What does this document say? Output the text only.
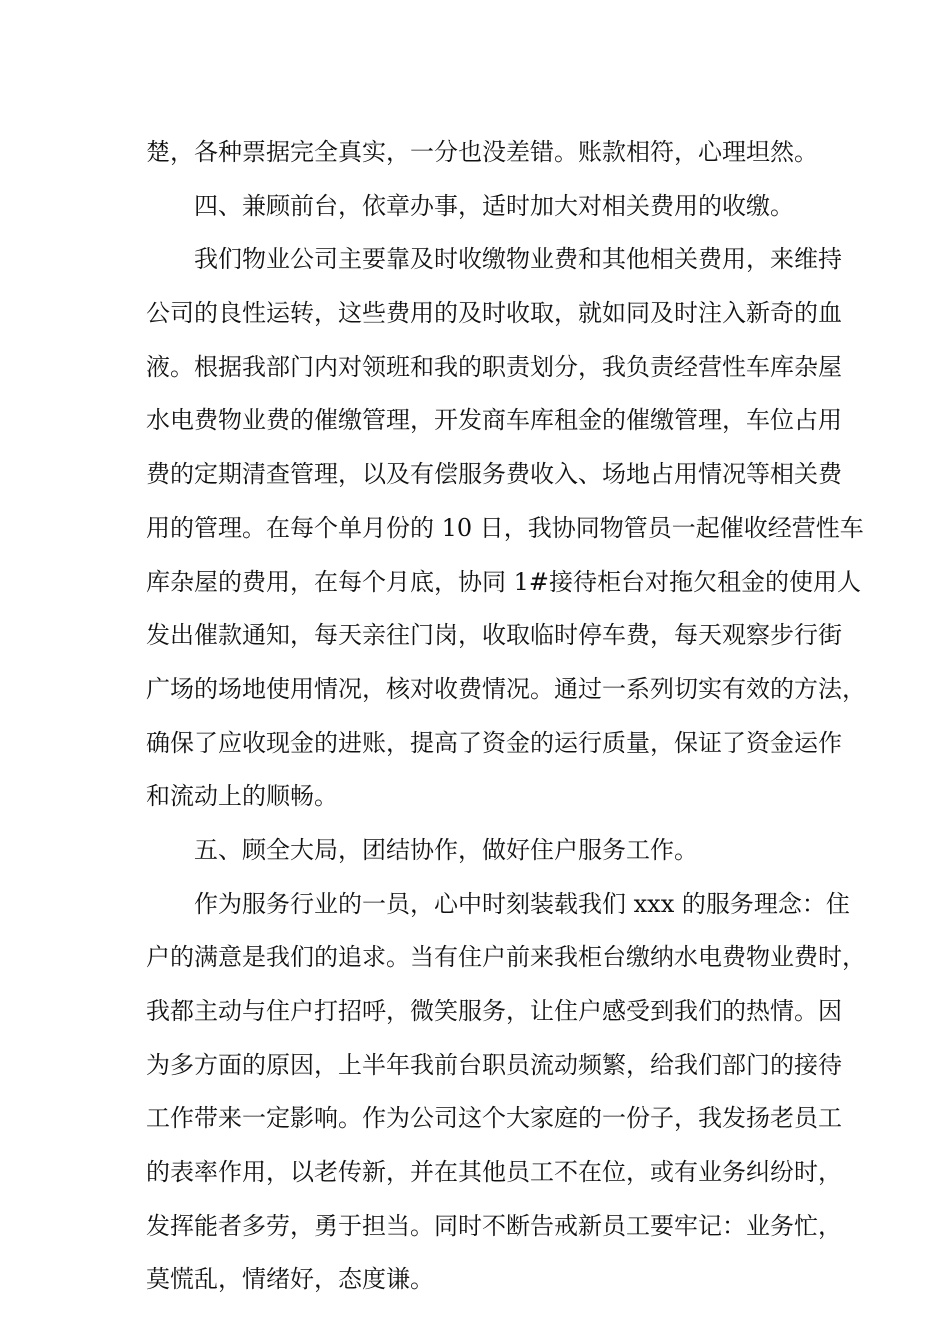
楚，各种票据完全真实，一分也没差错。账款相符，心理坦然。
四、兼顾前台，依章办事，适时加大对相关费用的收缴。
我们物业公司主要靠及时收缴物业费和其他相关费用，来维持
公司的良性运转，这些费用的及时收取，就如同及时注入新奇的血
液。根据我部门内对领班和我的职责划分，我负责经营性车库杂屋
水电费物业费的催缴管理，开发商车库租金的催缴管理，车位占用
费的定期清查管理，以及有偿服务费收入、场地占用情况等相关费
用的管理。在每个单月份的 10 日，我协同物管员一起催收经营性车
库杂屋的费用，在每个月底，协同 1#接待柜台对拖欠租金的使用人
发出催款通知，每天亲往门岗，收取临时停车费，每天观察步行街
广场的场地使用情况，核对收费情况。通过一系列切实有效的方法，
确保了应收现金的进账，提高了资金的运行质量，保证了资金运作
和流动上的顺畅。
五、顾全大局，团结协作，做好住户服务工作。
作为服务行业的一员，心中时刻装载我们 xxx 的服务理念：住
户的满意是我们的追求。当有住户前来我柜台缴纳水电费物业费时，
我都主动与住户打招呼，微笑服务，让住户感受到我们的热情。因
为多方面的原因，上半年我前台职员流动频繁，给我们部门的接待
工作带来一定影响。作为公司这个大家庭的一份子，我发扬老员工
的表率作用，以老传新，并在其他员工不在位，或有业务纠纷时，
发挥能者多劳，勇于担当。同时不断告戒新员工要牢记：业务忙，
莫慌乱，情绪好，态度谦。
